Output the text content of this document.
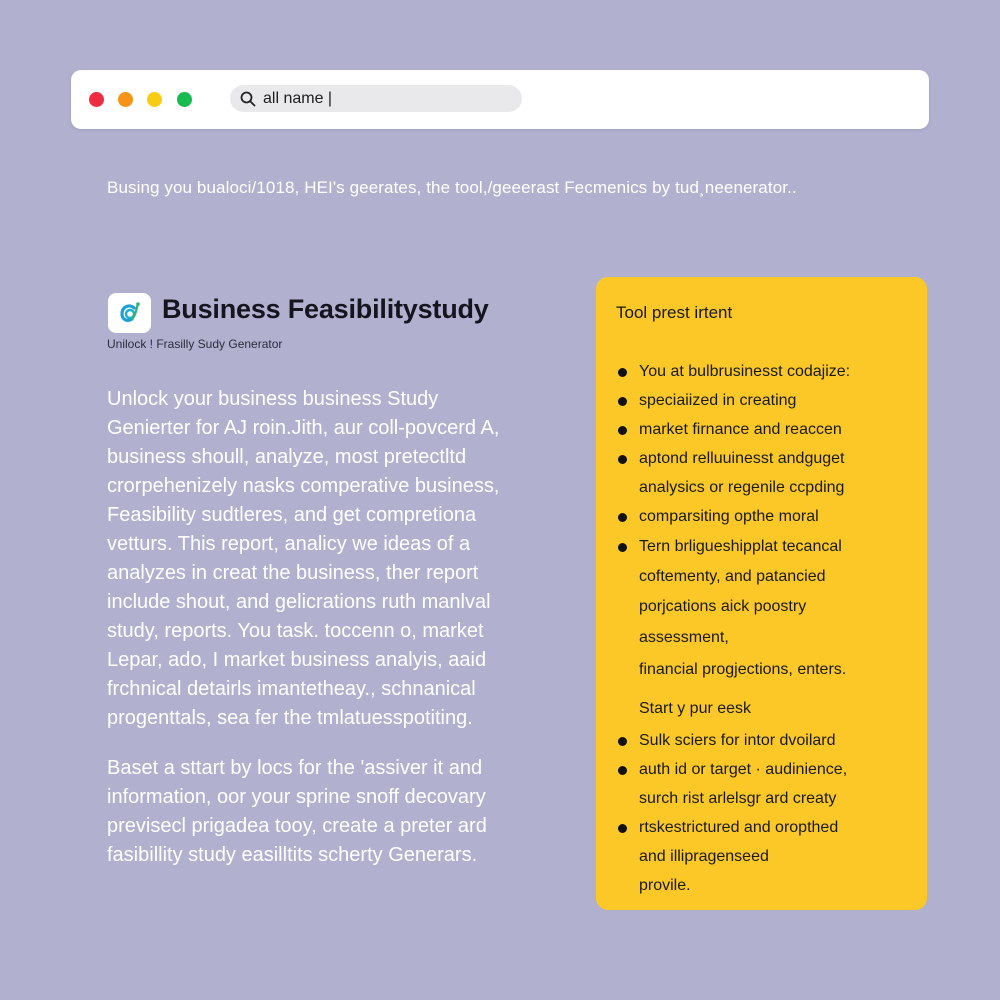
all name |
Busing you bualoci/1018, HEI's geerates, the tool,/geeerast Fecmenics by tud¸neenerator..
Business Feasibilitystudy
Unilock ! Frasilly Sudy Generator

Unlock your business business Study
Genierter for AJ roin.Jith, aur coll-povcerd A,
business shoull, analyze, most pretectltd
crorpehenizely nasks comperative business,
Feasibility sudtleres, and get compretiona
vetturs. This report, analicy we ideas of a
analyzes in creat the business, ther report
include shout, and gelicrations ruth manlval
study, reports. You task. toccenn o, market
Lepar, ado, I market business analyis, aaid
frchnical detairls imantetheay., schnanical
progenttals, sea fer the tmlatuesspotiting.

Baset a sttart by locs for the 'assiver it and
information, oor your sprine snoff decovary
previsecl prigadea tooy, create a preter ard
fasibillity study easilltits scherty Generars.

Tool prest irtent
You at bulbrusinesst codajize:
speciaiized in creating
market firnance and reaccen
aptond relluuinesst andguget
analysics or regenile ccpding
comparsiting opthe moral
Tern brligueshipplat tecancal
coftementy, and patancied
porjcations aick poostry
assessment,
financial progjections, enters.
Start y pur eesk
Sulk sciers for intor dvoilard
auth id or target · audinience,
surch rist arlelsgr ard creaty
rtskestrictured and oropthed
and illipragenseed
provile.
